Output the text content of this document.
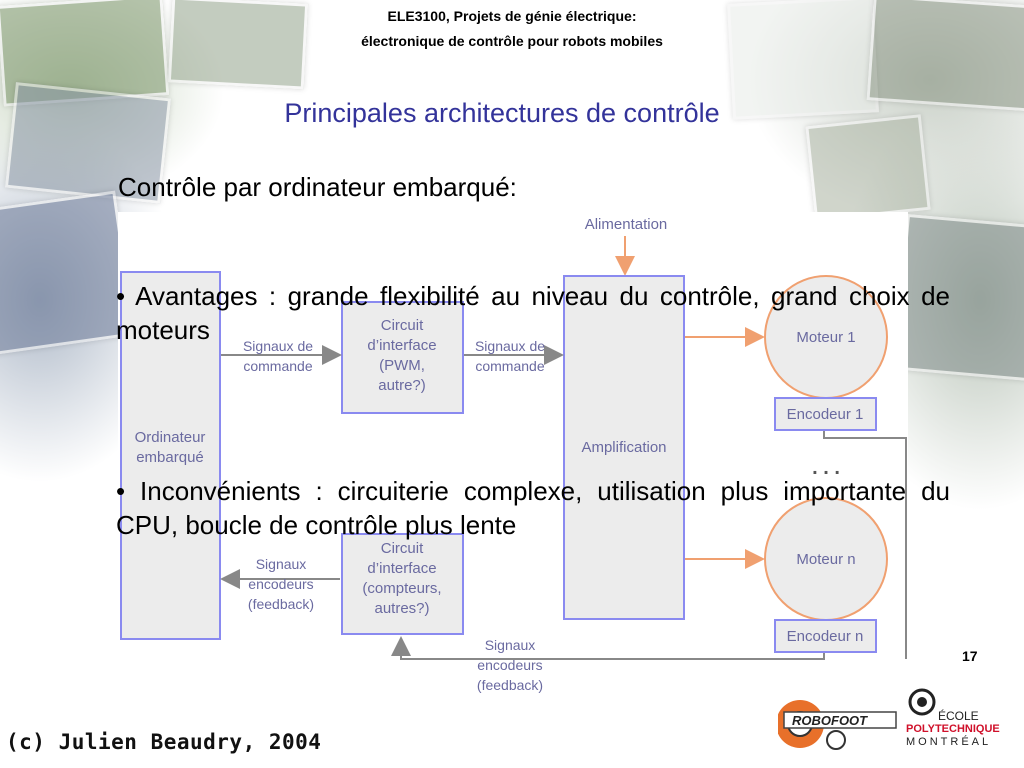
ELE3100, Projets de génie électrique:
électronique de contrôle pour robots mobiles
Principales architectures de contrôle
Contrôle par ordinateur embarqué:
Alimentation
Ordinateur
embarqué
Circuit
d’interface
(PWM,
autre?)
Circuit
d’interface
(compteurs,
autres?)
Amplification
Signaux de
commande
Signaux de
commande
Moteur 1
Moteur n
Encodeur 1
Encodeur n
. . .
Signaux
encodeurs
(feedback)
Signaux
encodeurs
(feedback)
• Avantages : grande flexibilité au niveau du contrôle, grand choix de moteurs
• Inconvénients : circuiterie complexe, utilisation plus importante du CPU, boucle de contrôle plus lente
17
(c) Julien Beaudry, 2004
ROBOFOOT	ÉCOLE
POLYTECHNIQUE
MONTRÉAL
